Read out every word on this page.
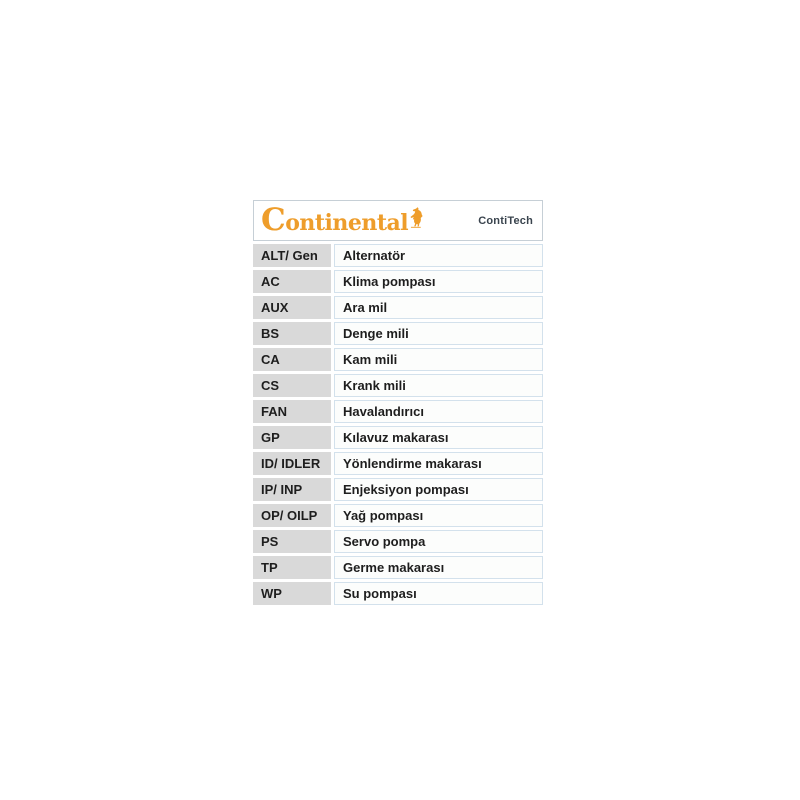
Continental	ContiTech
ALT/ Gen	Alternatör
AC	Klima pompası
AUX	Ara mil
BS	Denge mili
CA	Kam mili
CS	Krank mili
FAN	Havalandırıcı
GP	Kılavuz makarası
ID/ IDLER	Yönlendirme makarası
IP/ INP	Enjeksiyon pompası
OP/ OILP	Yağ pompası
PS	Servo pompa
TP	Germe makarası
WP	Su pompası
